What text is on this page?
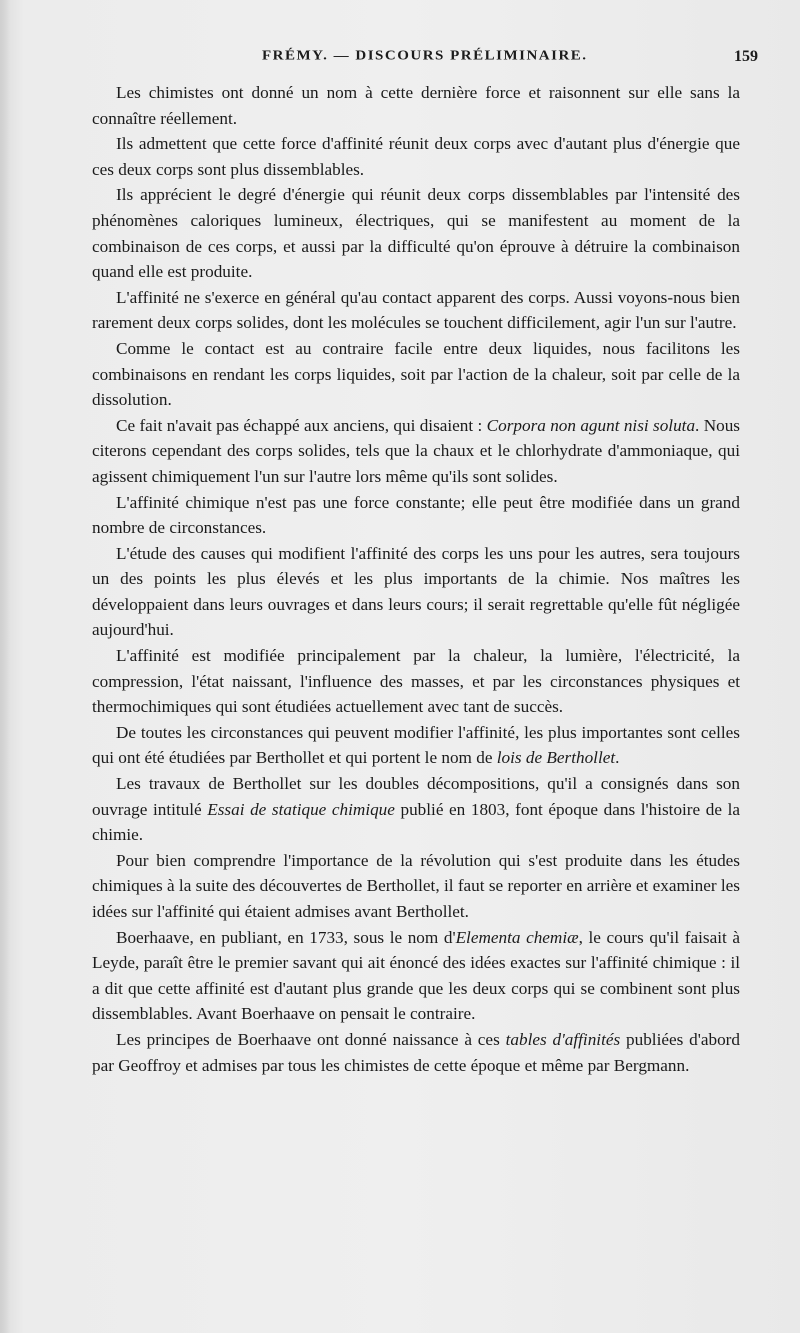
FRÉMY. — DISCOURS PRÉLIMINAIRE.	159

Les chimistes ont donné un nom à cette dernière force et raisonnent sur elle sans la connaître réellement.

Ils admettent que cette force d'affinité réunit deux corps avec d'autant plus d'énergie que ces deux corps sont plus dissemblables.

Ils apprécient le degré d'énergie qui réunit deux corps dissemblables par l'intensité des phénomènes caloriques lumineux, électriques, qui se manifestent au moment de la combinaison de ces corps, et aussi par la difficulté qu'on éprouve à détruire la combinaison quand elle est produite.

L'affinité ne s'exerce en général qu'au contact apparent des corps. Aussi voyons-nous bien rarement deux corps solides, dont les molécules se touchent difficilement, agir l'un sur l'autre.

Comme le contact est au contraire facile entre deux liquides, nous facilitons les combinaisons en rendant les corps liquides, soit par l'action de la chaleur, soit par celle de la dissolution.

Ce fait n'avait pas échappé aux anciens, qui disaient : Corpora non agunt nisi soluta. Nous citerons cependant des corps solides, tels que la chaux et le chlorhydrate d'ammoniaque, qui agissent chimiquement l'un sur l'autre lors même qu'ils sont solides.

L'affinité chimique n'est pas une force constante; elle peut être modifiée dans un grand nombre de circonstances.

L'étude des causes qui modifient l'affinité des corps les uns pour les autres, sera toujours un des points les plus élevés et les plus importants de la chimie. Nos maîtres les développaient dans leurs ouvrages et dans leurs cours; il serait regrettable qu'elle fût négligée aujourd'hui.

L'affinité est modifiée principalement par la chaleur, la lumière, l'électricité, la compression, l'état naissant, l'influence des masses, et par les circonstances physiques et thermochimiques qui sont étudiées actuellement avec tant de succès.

De toutes les circonstances qui peuvent modifier l'affinité, les plus importantes sont celles qui ont été étudiées par Berthollet et qui portent le nom de lois de Berthollet.

Les travaux de Berthollet sur les doubles décompositions, qu'il a consignés dans son ouvrage intitulé Essai de statique chimique publié en 1803, font époque dans l'histoire de la chimie.

Pour bien comprendre l'importance de la révolution qui s'est produite dans les études chimiques à la suite des découvertes de Berthollet, il faut se reporter en arrière et examiner les idées sur l'affinité qui étaient admises avant Berthollet.

Boerhaave, en publiant, en 1733, sous le nom d'Elementa chemiæ, le cours qu'il faisait à Leyde, paraît être le premier savant qui ait énoncé des idées exactes sur l'affinité chimique : il a dit que cette affinité est d'autant plus grande que les deux corps qui se combinent sont plus dissemblables. Avant Boerhaave on pensait le contraire.

Les principes de Boerhaave ont donné naissance à ces tables d'affinités publiées d'abord par Geoffroy et admises par tous les chimistes de cette époque et même par Bergmann.
